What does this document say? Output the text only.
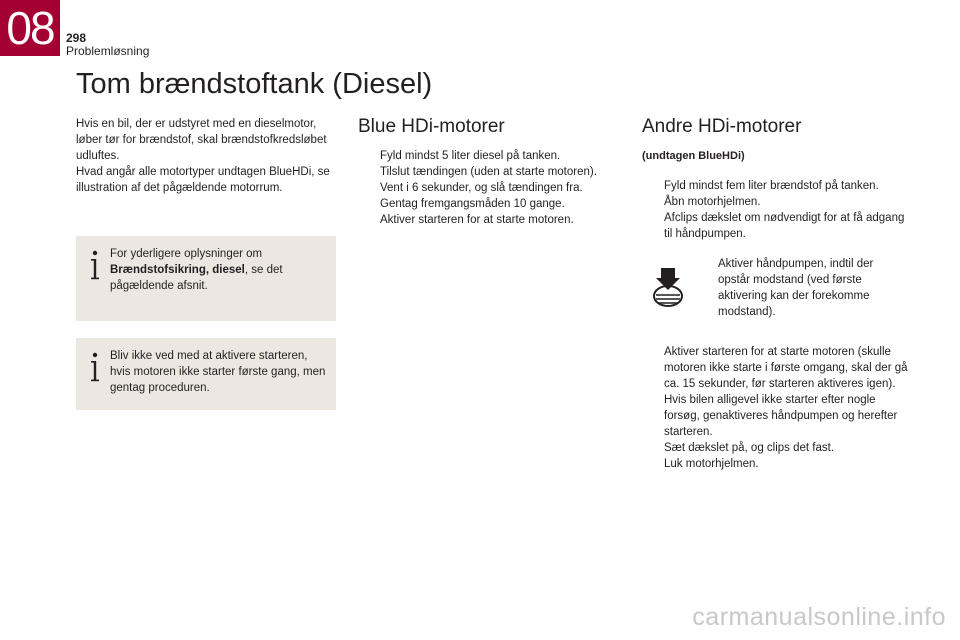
08	298
Problemløsning
Tom brændstoftank (Diesel)

Hvis en bil, der er udstyret med en dieselmotor, løber tør for brændstof, skal brændstofkredsløbet udluftes.

Hvad angår alle motortyper undtagen BlueHDi, se illustration af det pågældende motorrum.

For yderligere oplysninger om Brændstofsikring, diesel, se det pågældende afsnit.
Bliv ikke ved med at aktivere starteren, hvis motoren ikke starter første gang, men gentag proceduren.
Blue HDi-motorer
Fyld mindst 5 liter diesel på tanken.
Tilslut tændingen (uden at starte motoren).
Vent i 6 sekunder, og slå tændingen fra.
Gentag fremgangsmåden 10 gange.
Aktiver starteren for at starte motoren.
Andre HDi-motorer
(undtagen BlueHDi)
Fyld mindst fem liter brændstof på tanken.
Åbn motorhjelmen.
Afclips dækslet om nødvendigt for at få adgang til håndpumpen.
Aktiver håndpumpen, indtil der opstår modstand (ved første aktivering kan der forekomme modstand).
Aktiver starteren for at starte motoren (skulle motoren ikke starte i første omgang, skal der gå ca. 15 sekunder, før starteren aktiveres igen).
Hvis bilen alligevel ikke starter efter nogle forsøg, genaktiveres håndpumpen og herefter starteren.
Sæt dækslet på, og clips det fast.
Luk motorhjelmen.
carmanualsonline.info
